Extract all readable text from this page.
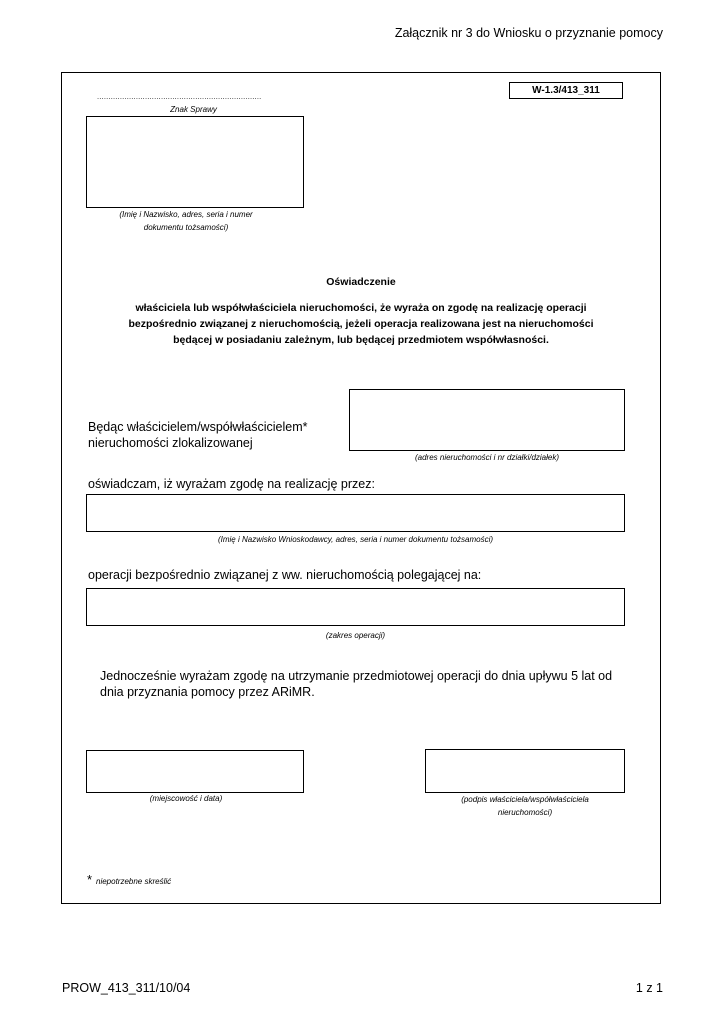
Załącznik nr 3 do Wniosku o przyznanie pomocy
W-1.3/413_311
........................................................................
Znak Sprawy
(Imię i Nazwisko, adres, seria i numer
dokumentu tożsamości)
Oświadczenie
właściciela lub współwłaściciela nieruchomości, że wyraża on zgodę na realizację operacji
bezpośrednio związanej z nieruchomością, jeżeli operacja realizowana jest na nieruchomości
będącej w posiadaniu zależnym, lub będącej przedmiotem współwłasności.
Będąc właścicielem/współwłaścicielem*
nieruchomości zlokalizowanej
(adres nieruchomości i nr działki/działek)
oświadczam, iż wyrażam zgodę na realizację przez:
(Imię i Nazwisko Wnioskodawcy, adres, seria i numer dokumentu tożsamości)
operacji bezpośrednio związanej z ww. nieruchomością polegającej na:
(zakres operacji)
Jednocześnie wyrażam zgodę na utrzymanie przedmiotowej operacji do dnia upływu 5 lat od
dnia przyznania pomocy przez ARiMR.
(miejscowość i data)	(podpis właściciela/współwłaściciela
nieruchomości)
* niepotrzebne skreślić
PROW_413_311/10/04	1 z 1
